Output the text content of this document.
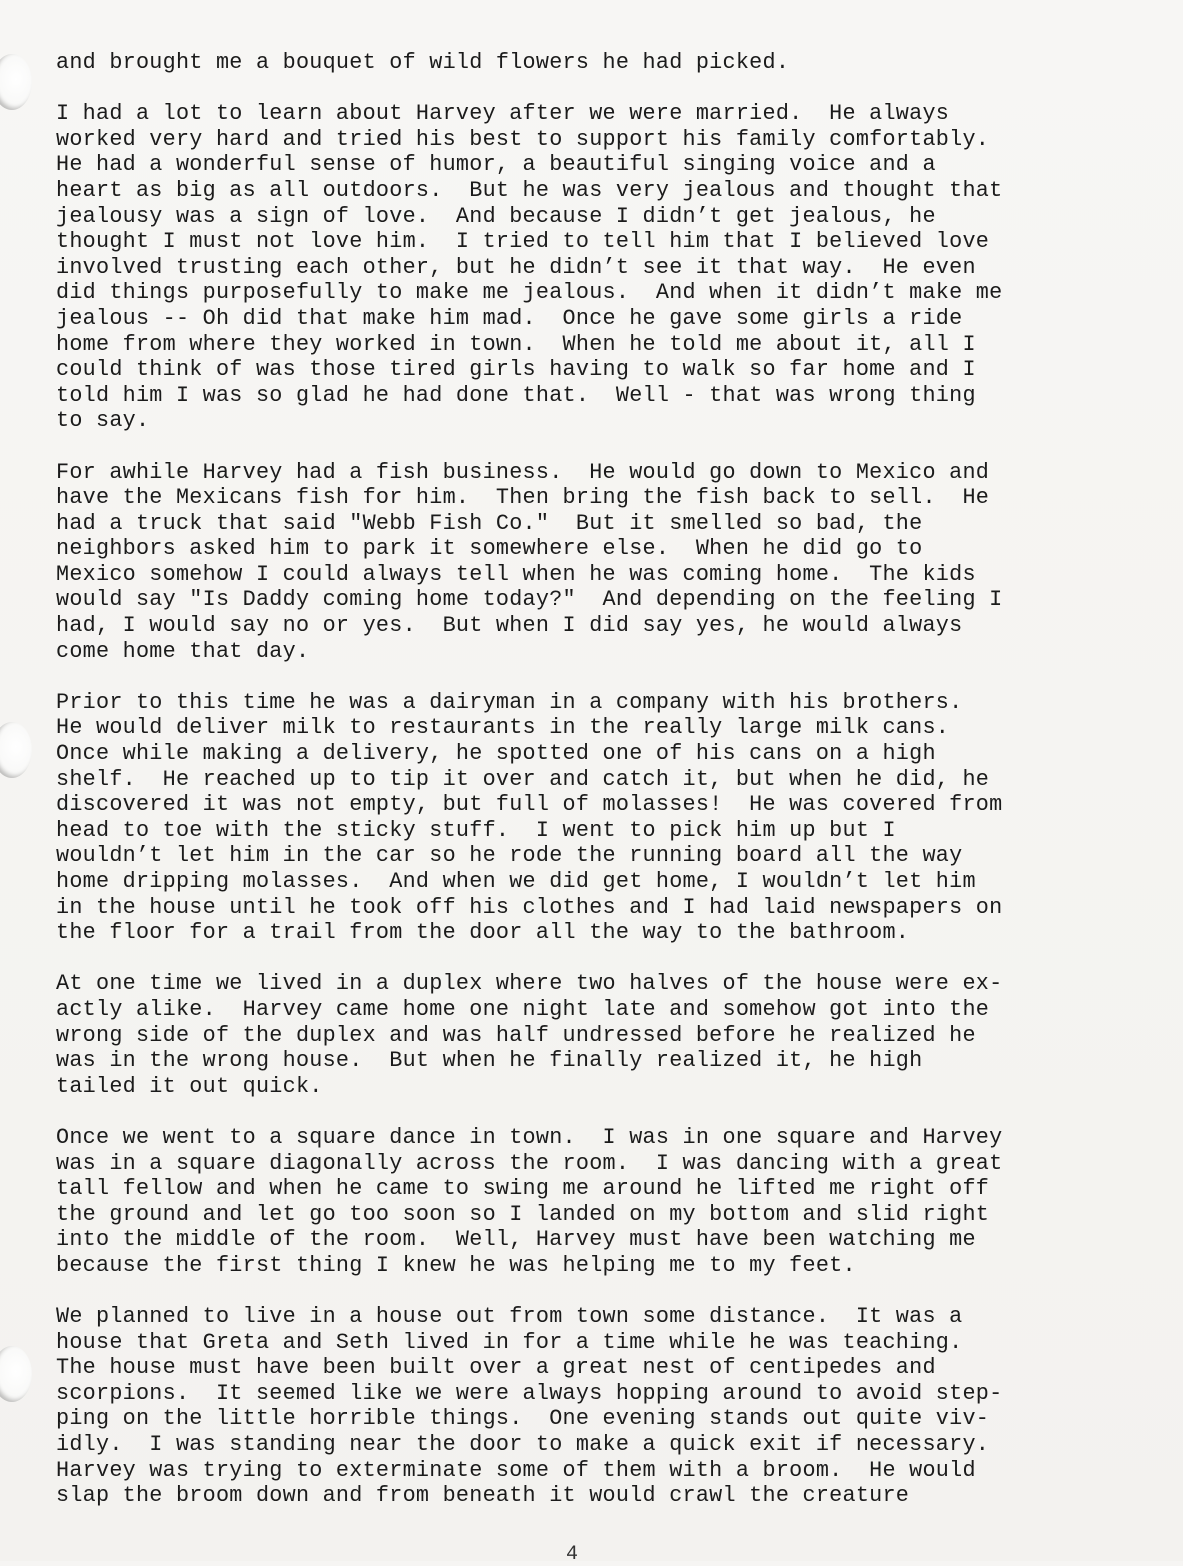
and brought me a bouquet of wild flowers he had picked.
I had a lot to learn about Harvey after we were married.  He always
worked very hard and tried his best to support his family comfortably.
He had a wonderful sense of humor, a beautiful singing voice and a
heart as big as all outdoors.  But he was very jealous and thought that
jealousy was a sign of love.  And because I didn’t get jealous, he
thought I must not love him.  I tried to tell him that I believed love
involved trusting each other, but he didn’t see it that way.  He even
did things purposefully to make me jealous.  And when it didn’t make me
jealous -- Oh did that make him mad.  Once he gave some girls a ride
home from where they worked in town.  When he told me about it, all I
could think of was those tired girls having to walk so far home and I
told him I was so glad he had done that.  Well - that was wrong thing
to say.
For awhile Harvey had a fish business.  He would go down to Mexico and
have the Mexicans fish for him.  Then bring the fish back to sell.  He
had a truck that said "Webb Fish Co."  But it smelled so bad, the
neighbors asked him to park it somewhere else.  When he did go to
Mexico somehow I could always tell when he was coming home.  The kids
would say "Is Daddy coming home today?"  And depending on the feeling I
had, I would say no or yes.  But when I did say yes, he would always
come home that day.
Prior to this time he was a dairyman in a company with his brothers.
He would deliver milk to restaurants in the really large milk cans.
Once while making a delivery, he spotted one of his cans on a high
shelf.  He reached up to tip it over and catch it, but when he did, he
discovered it was not empty, but full of molasses!  He was covered from
head to toe with the sticky stuff.  I went to pick him up but I
wouldn’t let him in the car so he rode the running board all the way
home dripping molasses.  And when we did get home, I wouldn’t let him
in the house until he took off his clothes and I had laid newspapers on
the floor for a trail from the door all the way to the bathroom.
At one time we lived in a duplex where two halves of the house were ex-
actly alike.  Harvey came home one night late and somehow got into the
wrong side of the duplex and was half undressed before he realized he
was in the wrong house.  But when he finally realized it, he high
tailed it out quick.
Once we went to a square dance in town.  I was in one square and Harvey
was in a square diagonally across the room.  I was dancing with a great
tall fellow and when he came to swing me around he lifted me right off
the ground and let go too soon so I landed on my bottom and slid right
into the middle of the room.  Well, Harvey must have been watching me
because the first thing I knew he was helping me to my feet.
We planned to live in a house out from town some distance.  It was a
house that Greta and Seth lived in for a time while he was teaching.
The house must have been built over a great nest of centipedes and
scorpions.  It seemed like we were always hopping around to avoid step-
ping on the little horrible things.  One evening stands out quite viv-
idly.  I was standing near the door to make a quick exit if necessary.
Harvey was trying to exterminate some of them with a broom.  He would
slap the broom down and from beneath it would crawl the creature
4
